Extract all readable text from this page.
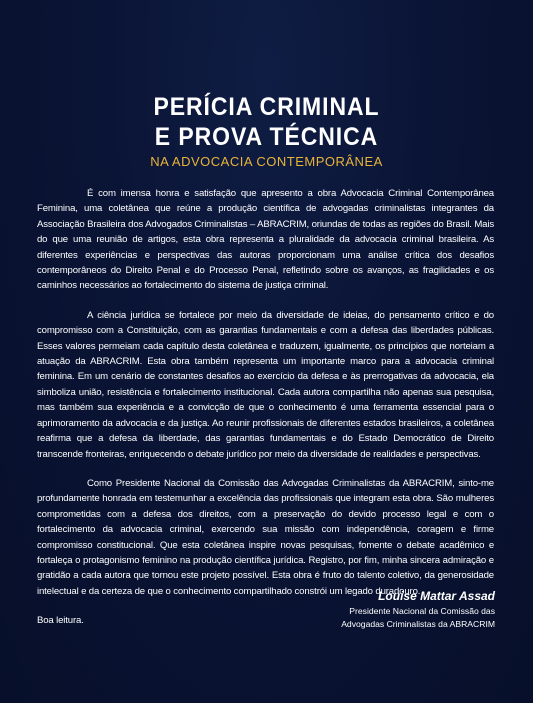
PERÍCIA CRIMINAL
E PROVA TÉCNICA
NA ADVOCACIA CONTEMPORÂNEA

É com imensa honra e satisfação que apresento a obra Advocacia Criminal Contemporânea Feminina, uma coletânea que reúne a produção científica de advogadas criminalistas integrantes da Associação Brasileira dos Advogados Criminalistas – ABRACRIM, oriundas de todas as regiões do Brasil. Mais do que uma reunião de artigos, esta obra representa a pluralidade da advocacia criminal brasileira. As diferentes experiências e perspectivas das autoras proporcionam uma análise crítica dos desafios contemporâneos do Direito Penal e do Processo Penal, refletindo sobre os avanços, as fragilidades e os caminhos necessários ao fortalecimento do sistema de justiça criminal.

A ciência jurídica se fortalece por meio da diversidade de ideias, do pensamento crítico e do compromisso com a Constituição, com as garantias fundamentais e com a defesa das liberdades públicas. Esses valores permeiam cada capítulo desta coletânea e traduzem, igualmente, os princípios que norteiam a atuação da ABRACRIM. Esta obra também representa um importante marco para a advocacia criminal feminina. Em um cenário de constantes desafios ao exercício da defesa e às prerrogativas da advocacia, ela simboliza união, resistência e fortalecimento institucional. Cada autora compartilha não apenas sua pesquisa, mas também sua experiência e a convicção de que o conhecimento é uma ferramenta essencial para o aprimoramento da advocacia e da justiça. Ao reunir profissionais de diferentes estados brasileiros, a coletânea reafirma que a defesa da liberdade, das garantias fundamentais e do Estado Democrático de Direito transcende fronteiras, enriquecendo o debate jurídico por meio da diversidade de realidades e perspectivas.

Como Presidente Nacional da Comissão das Advogadas Criminalistas da ABRACRIM, sinto-me profundamente honrada em testemunhar a excelência das profissionais que integram esta obra. São mulheres comprometidas com a defesa dos direitos, com a preservação do devido processo legal e com o fortalecimento da advocacia criminal, exercendo sua missão com independência, coragem e firme compromisso constitucional. Que esta coletânea inspire novas pesquisas, fomente o debate acadêmico e fortaleça o protagonismo feminino na produção científica jurídica. Registro, por fim, minha sincera admiração e gratidão a cada autora que tornou este projeto possível. Esta obra é fruto do talento coletivo, da generosidade intelectual e da certeza de que o conhecimento compartilhado constrói um legado duradouro.

Boa leitura.

Louise Mattar Assad
Presidente Nacional da Comissão das
Advogadas Criminalistas da ABRACRIM
